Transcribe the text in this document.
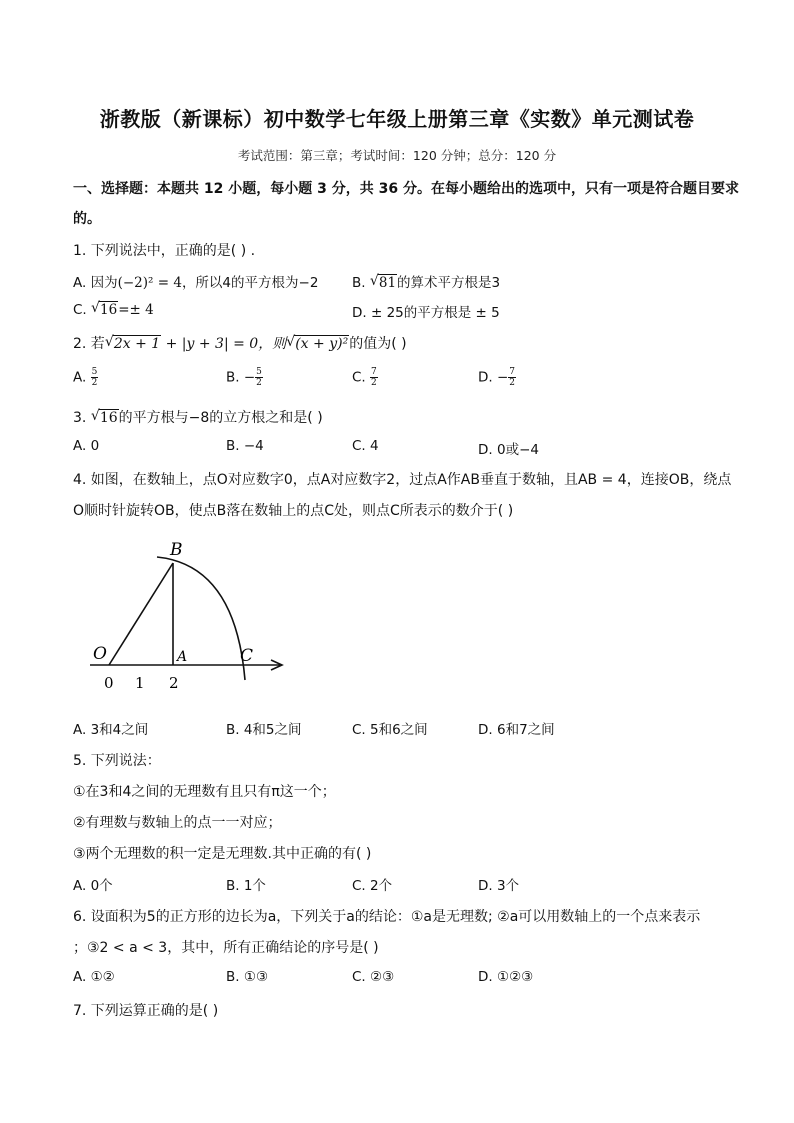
浙教版（新课标）初中数学七年级上册第三章《实数》单元测试卷
考试范围：第三章；考试时间：120 分钟；总分：120 分
一、选择题：本题共 12 小题，每小题 3 分，共 36 分。在每小题给出的选项中，只有一项是符合题目要求
的。
1. 下列说法中，正确的是( ) .
A. 因为(−2)² = 4，所以4的平方根为−2 B. √ 81的算术平方根是3
C. √ 16=± 4	D. ± 25的平方根是 ± 5
2. 若 √ 2x + 1 + |y + 3| = 0，则 √ (x + y)²的值为( )
A. $\frac{5}{2}$	B. − $\frac{5}{2}$	C. $\frac{7}{2}$	D. − $\frac{7}{2}$
3. √ 16的平方根与−8的立方根之和是( )
A. 0	B. −4	C. 4	D. 0或−4
4. 如图，在数轴上，点O对应数字0，点A对应数字2，过点A作AB垂直于数轴，且AB = 4，连接OB，绕点
O顺时针旋转OB，使点B落在数轴上的点C处，则点C所表示的数介于( )
B
O	A	C
0 1 2
A. 3和4之间	B. 4和5之间	C. 5和6之间	D. 6和7之间
5. 下列说法：
①在3和4之间的无理数有且只有π这一个；
②有理数与数轴上的点一一对应；
③两个无理数的积一定是无理数.其中正确的有( )
A. 0个	B. 1个	C. 2个	D. 3个
6. 设面积为5的正方形的边长为a，下列关于a的结论：①a是无理数; ②a可以用数轴上的一个点来表示
；③2 < a < 3，其中，所有正确结论的序号是( )
A. ①②	B. ①③	C. ②③	D. ①②③
7. 下列运算正确的是( )
